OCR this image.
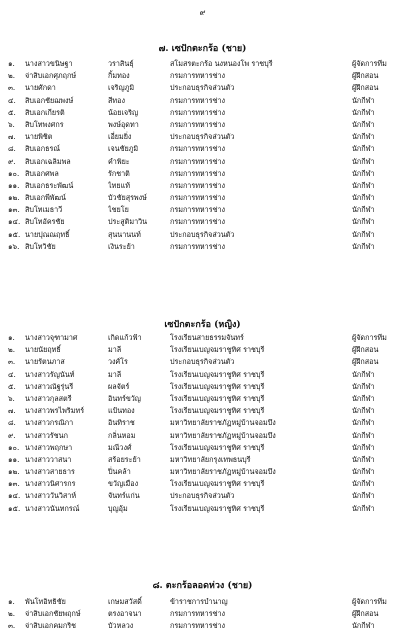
๙
๗. เซปักตะกร้อ (ชาย)
๑.	นางสาวขนิษฐา	วราสินธุ์	สโมสรตะกร้อ นงหนองโพ ราชบุรี	ผู้จัดการทีม
๒.	จ่าสิบเอกศุภฤกษ์	กิ้มทอง	กรมการทหารช่าง	ผู้ฝึกสอน
๓.	นายศักดา	เจริญภูมิ	ประกอบธุรกิจส่วนตัว	ผู้ฝึกสอน
๔.	สิบเอกชัยฌพงษ์	สีทอง	กรมการทหารช่าง	นักกีฬา
๕.	สิบเอกเกียรติ	น้อยเจริญ	กรมการทหารช่าง	นักกีฬา
๖.	สิบโทพงศกร	พงษ์อุดทา	กรมการทหารช่าง	นักกีฬา
๗.	นายพิชิต	เอี่ยมยิ่ง	ประกอบธุรกิจส่วนตัว	นักกีฬา
๘.	สิบเอกธรณ์	เจนชัยภูมิ	กรมการทหารช่าง	นักกีฬา
๙.	สิบเอกเฉลิมพล	คำพิยะ	กรมการทหารช่าง	นักกีฬา
๑๐. สิบเอกศพล	รักชาติ	กรมการทหารช่าง	นักกีฬา
๑๑. สิบเอกธระพัฒน์	ไทยแท้	กรมการทหารช่าง	นักกีฬา
๑๒. สิบเอกพีพัฒน์	บัวชัยสุรพงษ์	กรมการทหารช่าง	นักกีฬา
๑๓. สิบโทเมธาวี	ไชยโย	กรมการทหารช่าง	นักกีฬา
๑๔. สิบโทอัครชัย	ประสูติมาวิน	กรมการทหารช่าง	นักกีฬา
๑๕. นายปุณณฤทธิ์	สุนนานนท์	ประกอบธุรกิจส่วนตัว	นักกีฬา
๑๖. สิบโทวิชัย	เงินระย้า	กรมการทหารช่าง	นักกีฬา
เซปักตะกร้อ (หญิง)
๑.	นางสาวจุฑามาศ	เกิดแก้วฟ้า	โรงเรียนสายธรรมจันทร์	ผู้จัดการทีม
๒.	นายนัยฤทธิ์	มาลี	โรงเรียนเบญจมราชูทิศ ราชบุรี	ผู้ฝึกสอน
๓.	นายรัตนภาส	วงศ์โร	ประกอบธุรกิจส่วนตัว	ผู้ฝึกสอน
๔.	นางสาวรัญนันท์	มาลี	โรงเรียนเบญจมราชูทิศ ราชบุรี	นักกีฬา
๕.	นางสาวณัฐรุ่นรี	ผลจัตร์	โรงเรียนเบญจมราชูทิศ ราชบุรี	นักกีฬา
๖.	นางสาวกุลสตรี	อินทร์ขวัญ	โรงเรียนเบญจมราชูทิศ ราชบุรี	นักกีฬา
๗.	นางสาวพรไพริมทร์	แป้นทอง	โรงเรียนเบญจมราชูทิศ ราชบุรี	นักกีฬา
๘.	นางสาวกรณิกา	อินทิราช	มหาวิทยาลัยราชภัฏหมู่บ้านจอมบึง	นักกีฬา
๙.	นางสาวรัชนก	กลิ่นหอม	มหาวิทยาลัยราชภัฏหมู่บ้านจอมบึง	นักกีฬา
๑๐. นางสาวพฤกษา	มณีวงศ์	โรงเรียนเบญจมราชูทิศ ราชบุรี	นักกีฬา
๑๑. นางสาววาสนา	สร้อยระย้า	มหาวิทยาลัยกรุงเทพธนบุรี	นักกีฬา
๑๒. นางสาวสายธาร	ปิ่นคล้า	มหาวิทยาลัยราชภัฏหมู่บ้านจอมบึง	นักกีฬา
๑๓. นางสาวนิศารกร	ขวัญเมือง	โรงเรียนเบญจมราชูทิศ ราชบุรี	นักกีฬา
๑๔. นางสาววันวิสาห์	จันทร์แก่น	ประกอบธุรกิจส่วนตัว	นักกีฬา
๑๕. นางสาวนันทกรณ์	บุญอุ้ม	โรงเรียนเบญจมราชูทิศ ราชบุรี	นักกีฬา
๘. ตะกร้อลอดห่วง (ชาย)
๑.	พันโทอิทธิชัย	เกษมสวัสดิ์	ข้าราชการบำนาญ	ผู้จัดการทีม
๒.	จ่าสิบเอกชัยพฤกษ์	ตรงอาจนา	กรมการทหารช่าง	ผู้ฝึกสอน
๓.	จ่าสิบเอกคมกริช	บัวหลวง	กรมการทหารช่าง	นักกีฬา
